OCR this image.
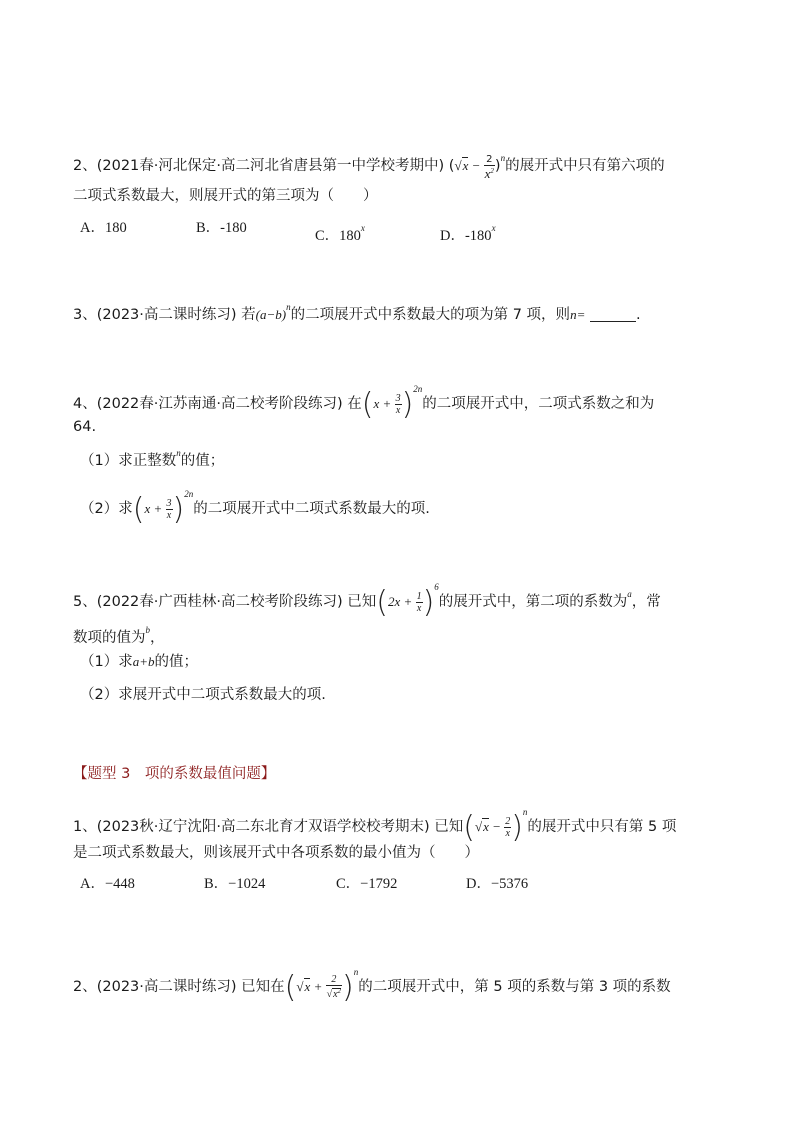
2、(2021春·河北保定·高二河北省唐县第一中学校考期中) $(√x - \frac{2}{x^2} )^n$的展开式中只有第六项的
二项式系数最大，则展开式的第三项为（　　）
A．180	B．-180	C．180$^x$	D．-180$^x$
3、(2023·高二课时练习) 若$(a-b)^n$的二项展开式中系数最大的项为第 7 项，则n=	.
4、(2022春·江苏南通·高二校考阶段练习) 在$(x + \frac{3}{x} )^{2n}$的二项展开式中，二项式系数之和为
64.
（1）求正整数$^n$的值；
（2）求$(x + \frac{3}{x} )^{2n}$的二项展开式中二项式系数最大的项.
5、(2022春·广西桂林·高二校考阶段练习) 已知$(2x + \frac{1}{x} )^6$的展开式中，第二项的系数为$^a$，常
数项的值为$^b$，
（1）求a+b的值；
（2）求展开式中二项式系数最大的项.
【题型 3　项的系数最值问题】
1、(2023秋·辽宁沈阳·高二东北育才双语学校校考期末) 已知$(√x - \frac{2}{x} )^n$的展开式中只有第 5 项
是二项式系数最大，则该展开式中各项系数的最小值为（　　）
A．−448	B．−1024	C．−1792	D．−5376
2、(2023·高二课时练习) 已知在$(√x + \frac{2}{√x^2} )^n$的二项展开式中，第 5 项的系数与第 3 项的系数
